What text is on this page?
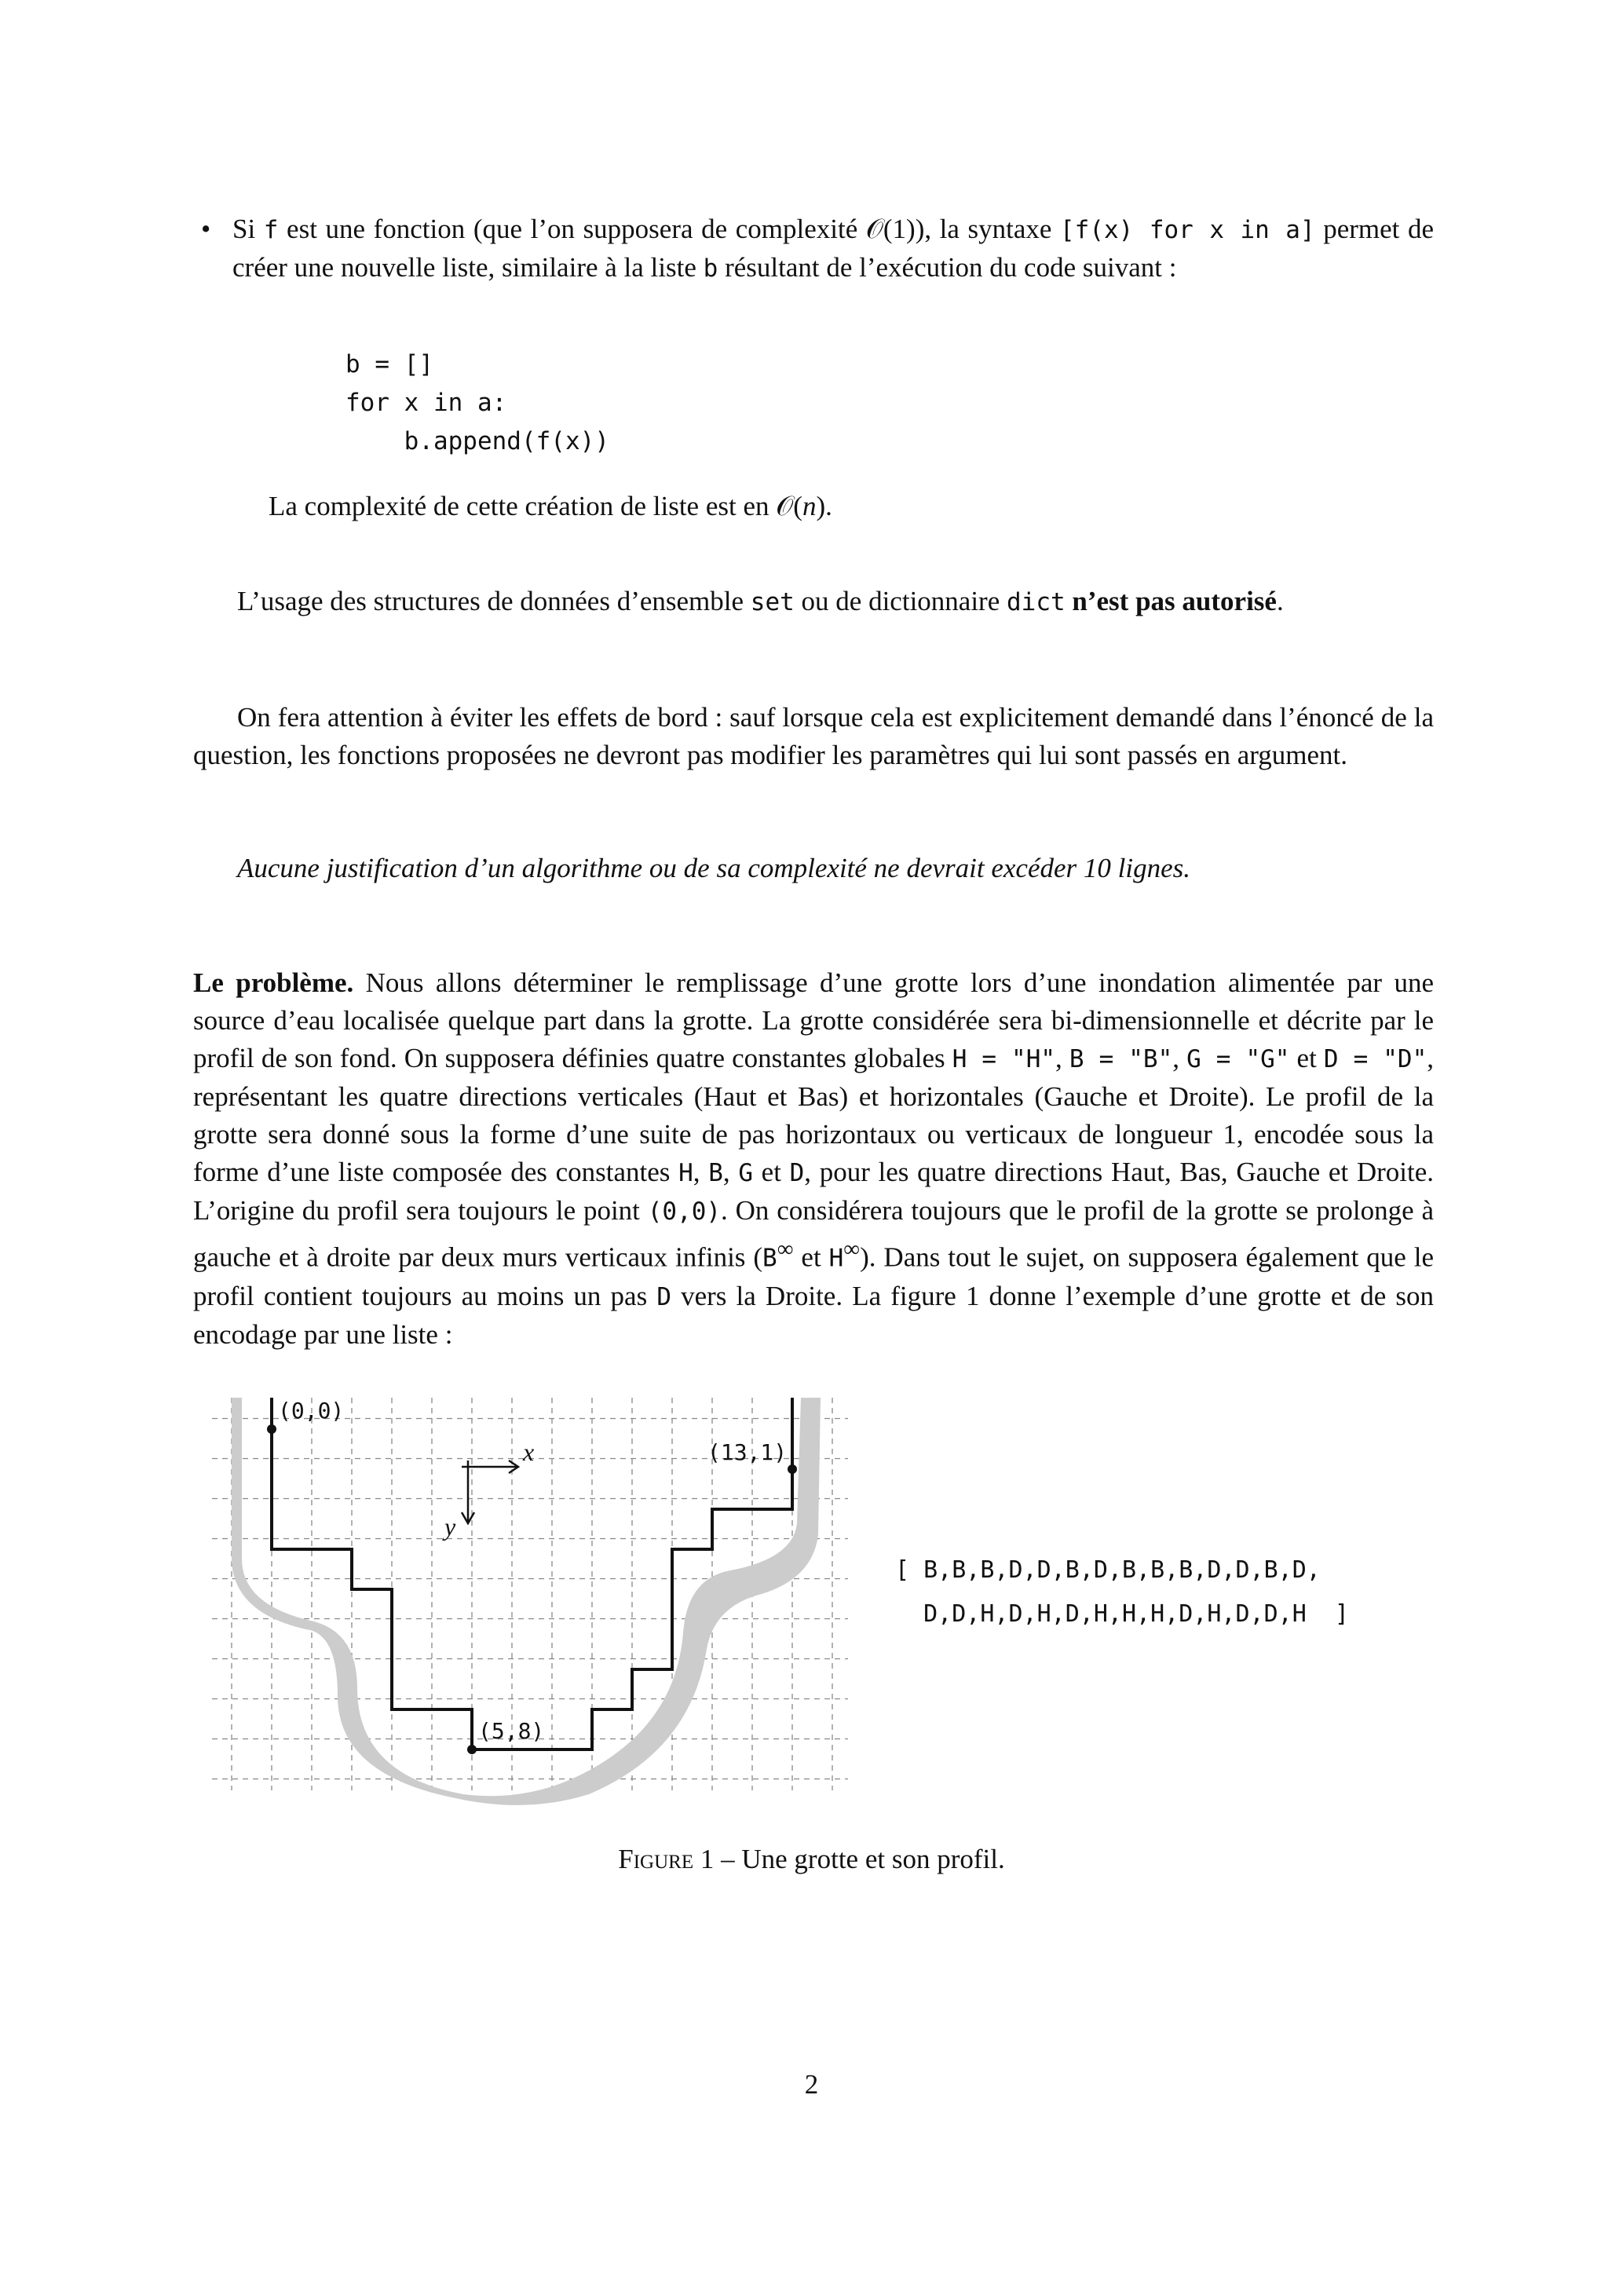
• Si f est une fonction (que l’on supposera de complexité 𝒪(1)), la syntaxe [f(x) for x in a] permet de créer une nouvelle liste, similaire à la liste b résultant de l’exécution du code suivant :
b = []
for x in a:
b.append(f(x))
La complexité de cette création de liste est en 𝒪(n).
L’usage des structures de données d’ensemble set ou de dictionnaire dict n’est pas autorisé.
On fera attention à éviter les effets de bord : sauf lorsque cela est explicitement demandé dans l’énoncé de la question, les fonctions proposées ne devront pas modifier les paramètres qui lui sont passés en argument.
Aucune justification d’un algorithme ou de sa complexité ne devrait excéder 10 lignes.
Le problème. Nous allons déterminer le remplissage d’une grotte lors d’une inondation alimentée par une source d’eau localisée quelque part dans la grotte. La grotte considérée sera bi-dimensionnelle et décrite par le profil de son fond. On supposera définies quatre constantes globales H = "H", B = "B", G = "G" et D = "D", représentant les quatre directions verticales (Haut et Bas) et horizontales (Gauche et Droite). Le profil de la grotte sera donné sous la forme d’une suite de pas horizontaux ou verticaux de longueur 1, encodée sous la forme d’une liste composée des constantes H, B, G et D, pour les quatre directions Haut, Bas, Gauche et Droite. L’origine du profil sera toujours le point (0,0). On considérera toujours que le profil de la grotte se prolonge à gauche et à droite par deux murs verticaux infinis (B∞ et H∞). Dans tout le sujet, on supposera également que le profil contient toujours au moins un pas D vers la Droite. La figure 1 donne l’exemple d’une grotte et de son encodage par une liste :
(0,0)
(13,1)
(5,8)
x
y
[ B,B,B,D,D,B,D,B,B,B,D,D,B,D,
D,D,H,D,H,D,H,H,H,D,H,D,D,H  ]
Figure 1 – Une grotte et son profil.
2
